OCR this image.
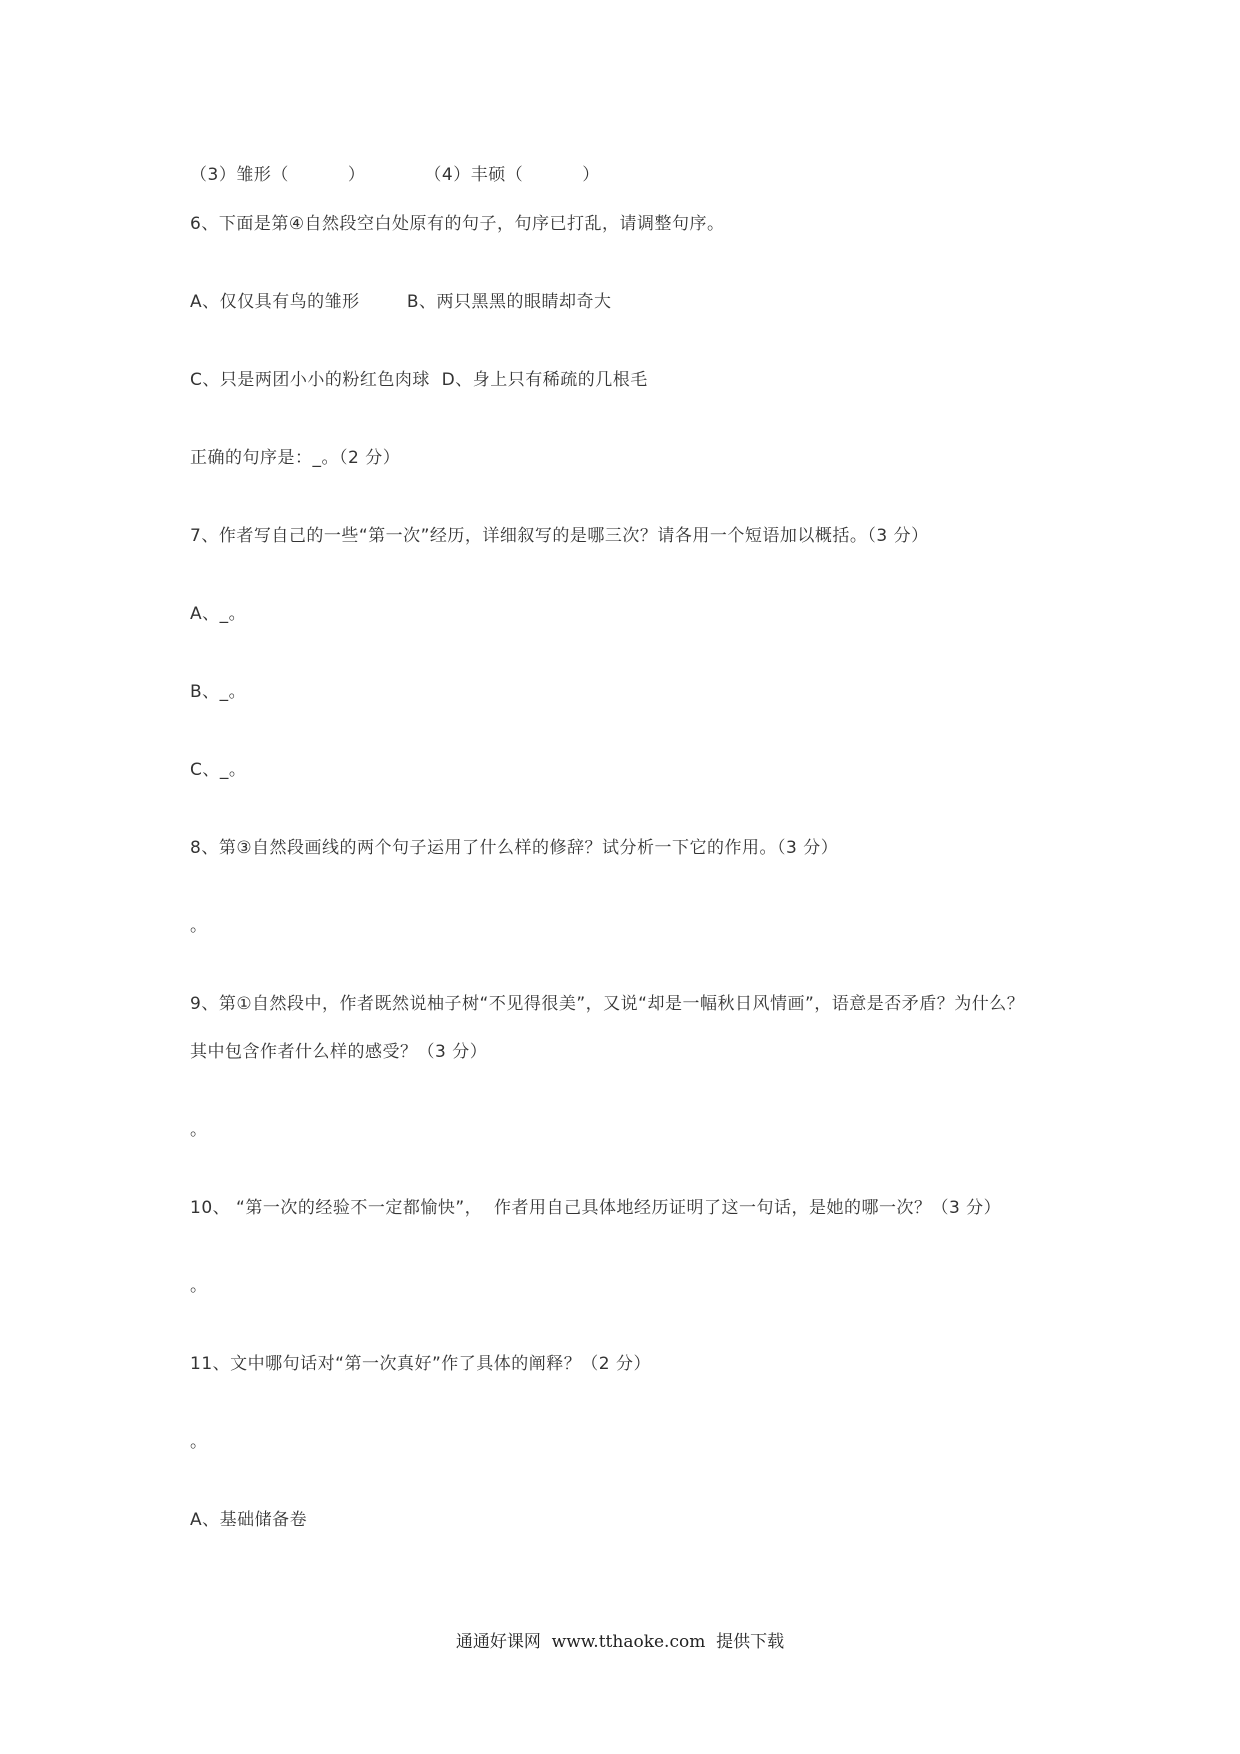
（3）雏形（          ）          （4）丰硕（          ）

6、下面是第④自然段空白处原有的句子，句序已打乱，请调整句序。

A、仅仅具有鸟的雏形        B、两只黑黑的眼睛却奇大

C、只是两团小小的粉红色肉球  D、身上只有稀疏的几根毛

正确的句序是：_。（2 分）

7、作者写自己的一些“第一次”经历，详细叙写的是哪三次？请各用一个短语加以概括。（3 分）

A、_。

B、_。

C、_。

8、第③自然段画线的两个句子运用了什么样的修辞？试分析一下它的作用。（3 分）

。

9、第①自然段中，作者既然说柚子树“不见得很美”，又说“却是一幅秋日风情画”，语意是否矛盾？为什么？

其中包含作者什么样的感受？（3 分）

。

10、 “第一次的经验不一定都愉快”，  作者用自己具体地经历证明了这一句话，是她的哪一次？（3 分）

。

11、文中哪句话对“第一次真好”作了具体的阐释？（2 分）

。

A、基础储备卷

通通好课网  www.tthaoke.com  提供下载
